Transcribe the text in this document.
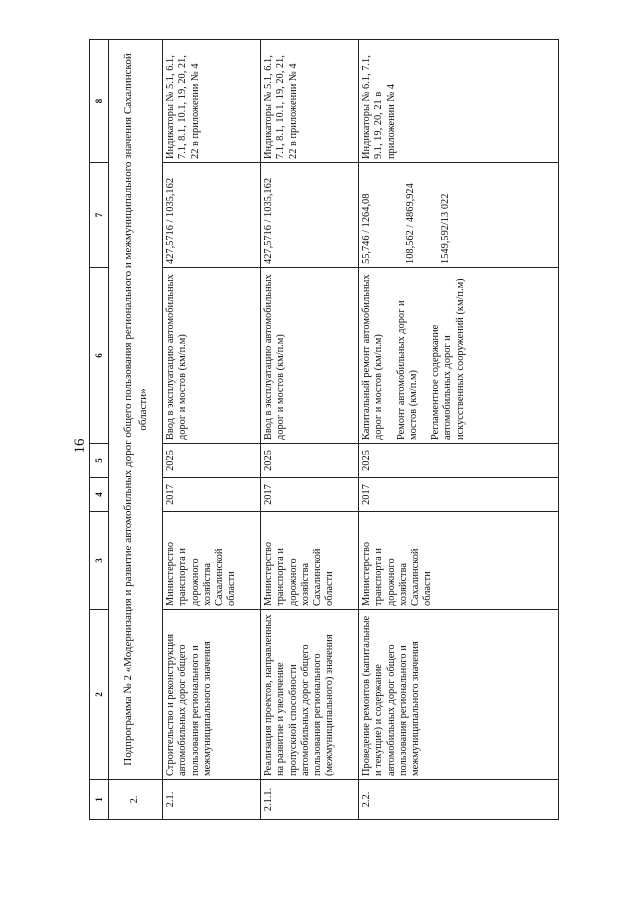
16
1	2	3	4	5	6	7	8
2.	Подпрограмма № 2 «Модернизация и развитие автомобильных дорог общего пользования регионального и межмуниципального значения Сахалинской области»						
2.1.	Строительство и реконструкция автомобильных дорог общего пользования регионального и межмуниципального значения	Министерство транспорта и дорожного хозяйства Сахалинской области	2017	2025	Ввод в эксплуатацию автомобильных дорог и мостов (км/п.м)	427,5716 / 1035,162	Индикаторы № 5.1, 6.1, 7.1, 8.1, 10.1, 19, 20, 21, 22 в приложении № 4
2.1.1.	Реализация проектов, направленных на развитие и увеличение пропускной способности автомобильных дорог общего пользования регионального (межмуниципального) значения	Министерство транспорта и дорожного хозяйства Сахалинской области	2017	2025	Ввод в эксплуатацию автомобильных дорог и мостов (км/п.м)	427,5716 / 1035,162	Индикаторы № 5.1, 6.1, 7.1, 8.1, 10.1, 19, 20, 21, 22 в приложении № 4
2.2.	Проведение ремонтов (капитальные и текущие) и содержание автомобильных дорог общего пользования регионального и межмуниципального значения	Министерство транспорта и дорожного хозяйства Сахалинской области	2017	2025	Капитальный ремонт автомобильных дорог и мостов (км/п.м) Ремонт автомобильных дорог и мостов (км/п.м) Регламентное содержание автомобильных дорог и искусственных сооружений (км/п.м)	55,746 / 1264,08 108,562 / 4869,924 1549,592/13 022	Индикаторы № 6.1, 7.1, 9.1, 19, 20, 21 в приложении № 4
